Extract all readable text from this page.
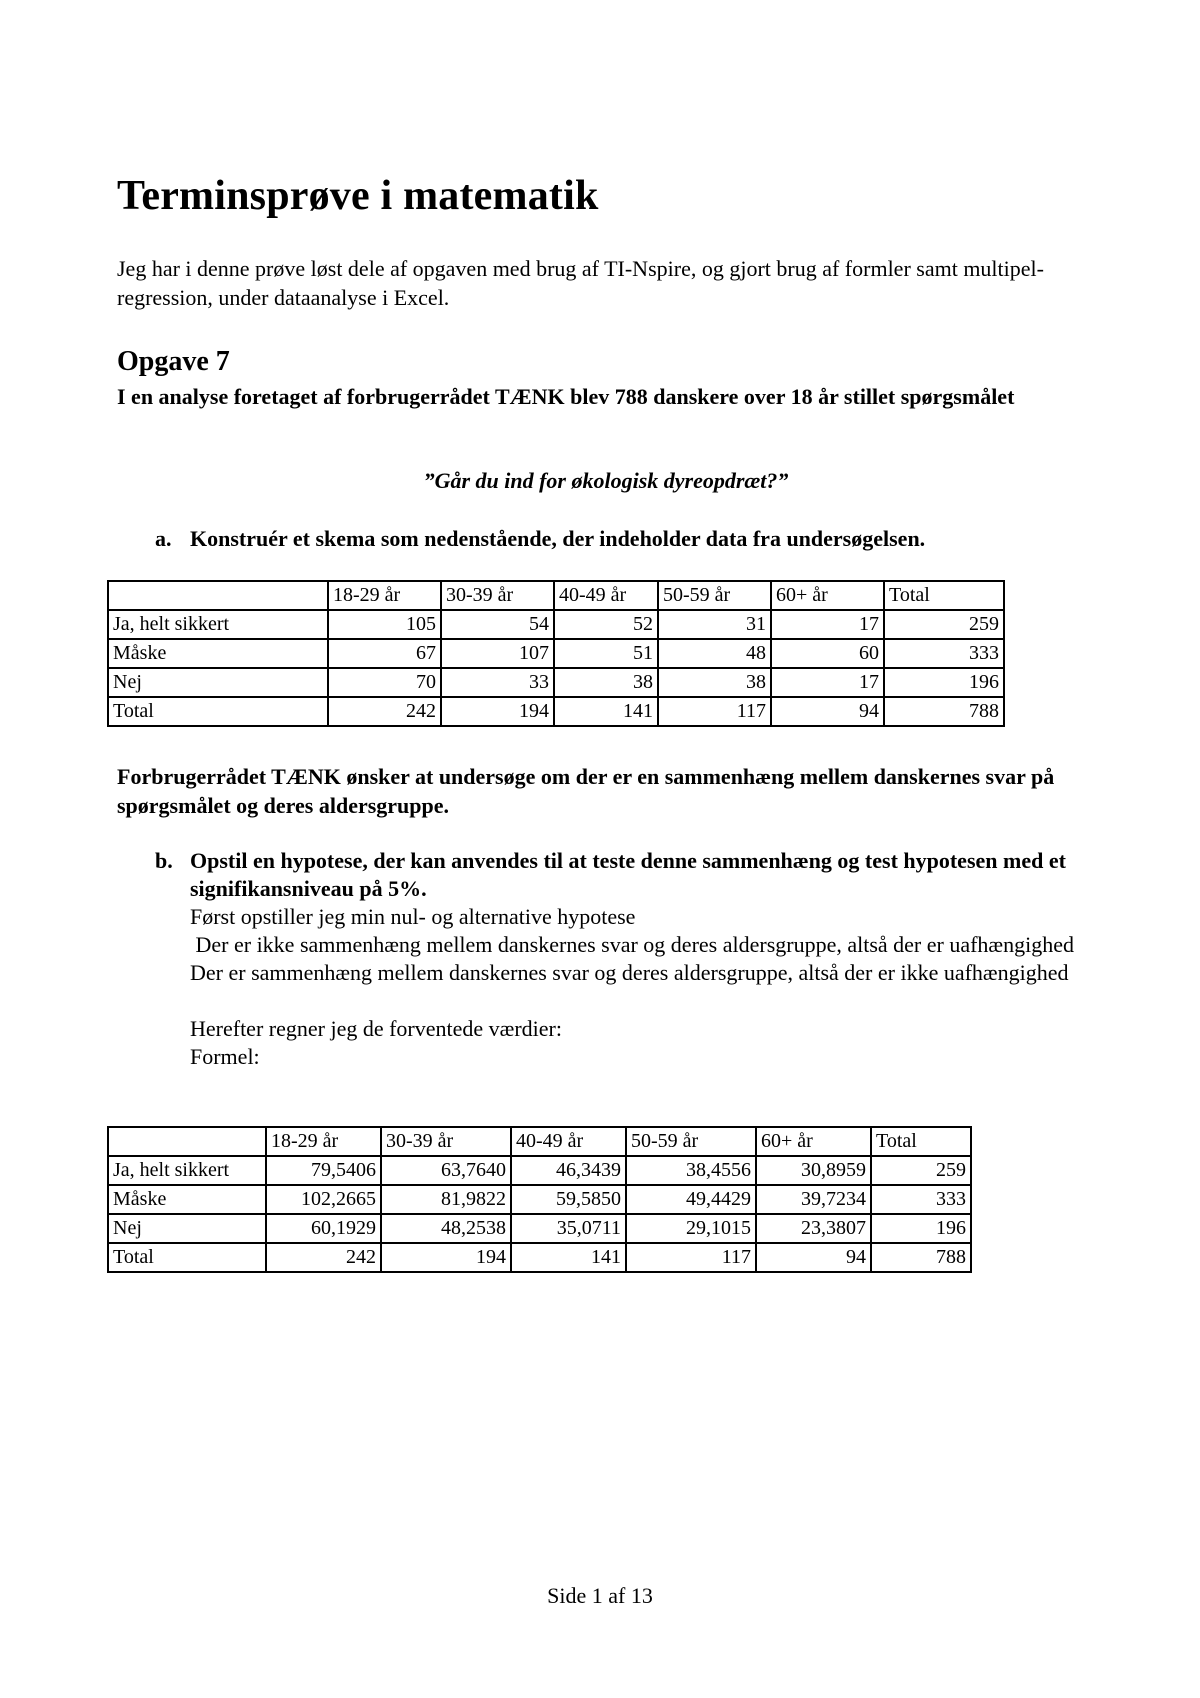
Terminsprøve i matematik

Jeg har i denne prøve løst dele af opgaven med brug af TI-Nspire, og gjort brug af formler samt multipel-regression, under dataanalyse i Excel.

Opgave 7

I en analyse foretaget af forbrugerrådet TÆNK blev 788 danskere over 18 år stillet spørgsmålet

”Går du ind for økologisk dyreopdræt?”

a. Konstruér et skema som nedenstående, der indeholder data fra undersøgelsen.
	18-29 år	30-39 år	40-49 år	50-59 år	60+ år	Total
Ja, helt sikkert	105	54	52	31	17	259
Måske	67	107	51	48	60	333
Nej	70	33	38	38	17	196
Total	242	194	141	117	94	788

Forbrugerrådet TÆNK ønsker at undersøge om der er en sammenhæng mellem danskernes svar på spørgsmålet og deres aldersgruppe.

b. Opstil en hypotese, der kan anvendes til at teste denne sammenhæng og test hypotesen med et signifikansniveau på 5%.
Først opstiller jeg min nul- og alternative hypotese
Der er ikke sammenhæng mellem danskernes svar og deres aldersgruppe, altså der er uafhængighed Der er sammenhæng mellem danskernes svar og deres aldersgruppe, altså der er ikke uafhængighed
Herefter regner jeg de forventede værdier:
Formel:
	18-29 år	30-39 år	40-49 år	50-59 år	60+ år	Total
Ja, helt sikkert	79,5406	63,7640	46,3439	38,4556	30,8959	259
Måske	102,2665	81,9822	59,5850	49,4429	39,7234	333
Nej	60,1929	48,2538	35,0711	29,1015	23,3807	196
Total	242	194	141	117	94	788
Side 1 af 13
